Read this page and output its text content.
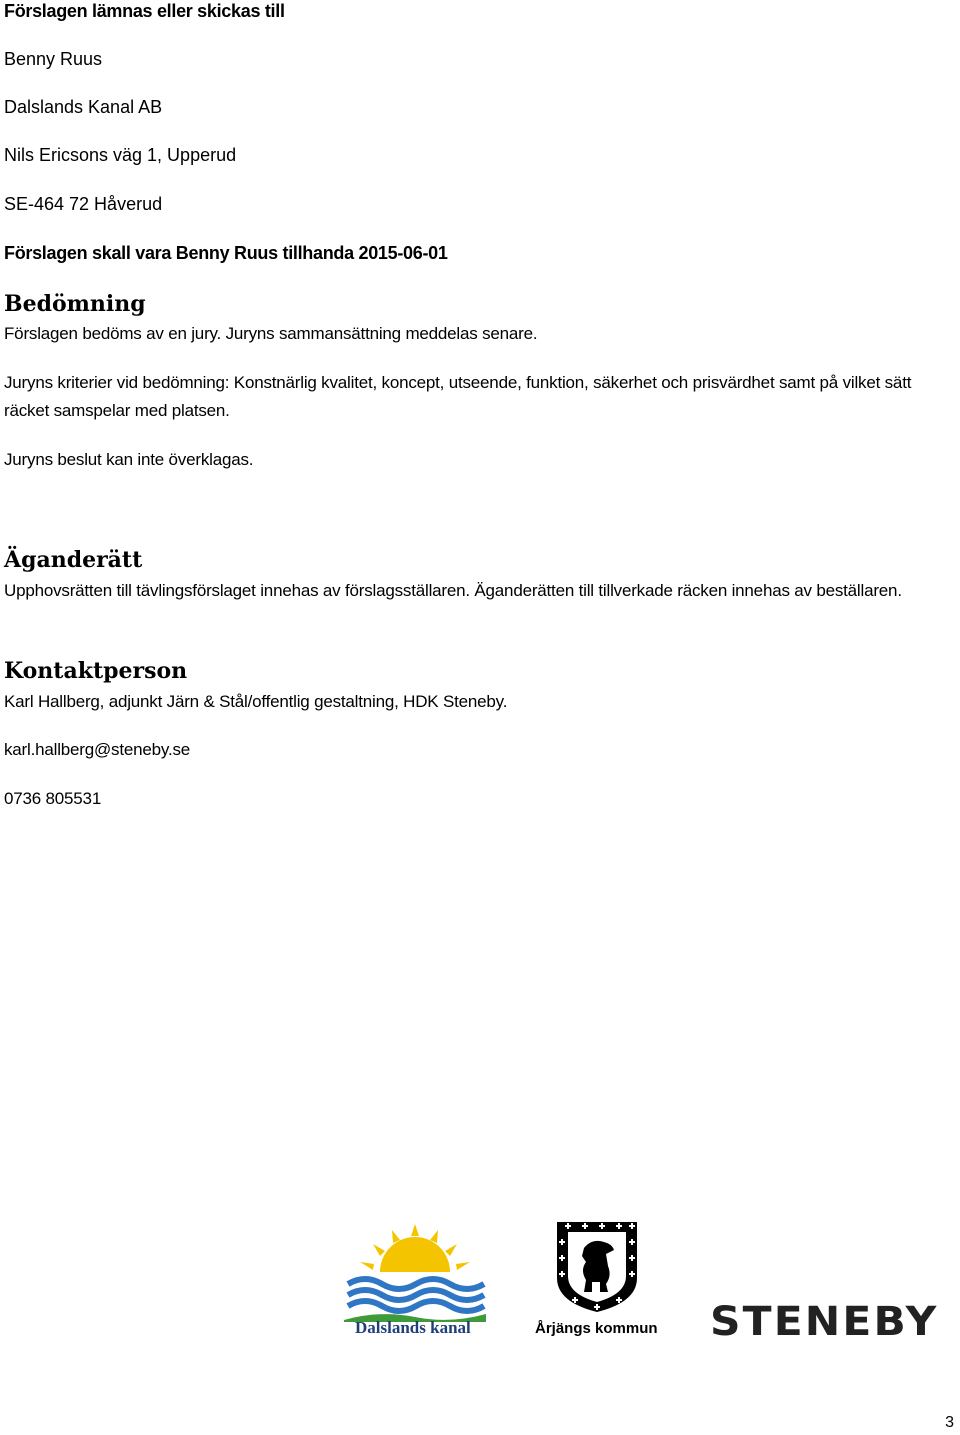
Förslagen lämnas eller skickas till
Benny Ruus
Dalslands Kanal AB
Nils Ericsons väg 1, Upperud
SE-464 72 Håverud
Förslagen skall vara Benny Ruus tillhanda 2015-06-01
Bedömning
Förslagen bedöms av en jury. Juryns sammansättning meddelas senare.
Juryns kriterier vid bedömning: Konstnärlig kvalitet, koncept, utseende, funktion, säkerhet och prisvärdhet samt på vilket sätt räcket samspelar med platsen.
Juryns beslut kan inte överklagas.
Äganderätt
Upphovsrätten till tävlingsförslaget innehas av förslagsställaren. Äganderätten till tillverkade räcken innehas av beställaren.
Kontaktperson
Karl Hallberg, adjunkt Järn & Stål/offentlig gestaltning, HDK Steneby.
karl.hallberg@steneby.se
0736 805531
Dalslands kanal	Årjängs kommun STENEBY
3
